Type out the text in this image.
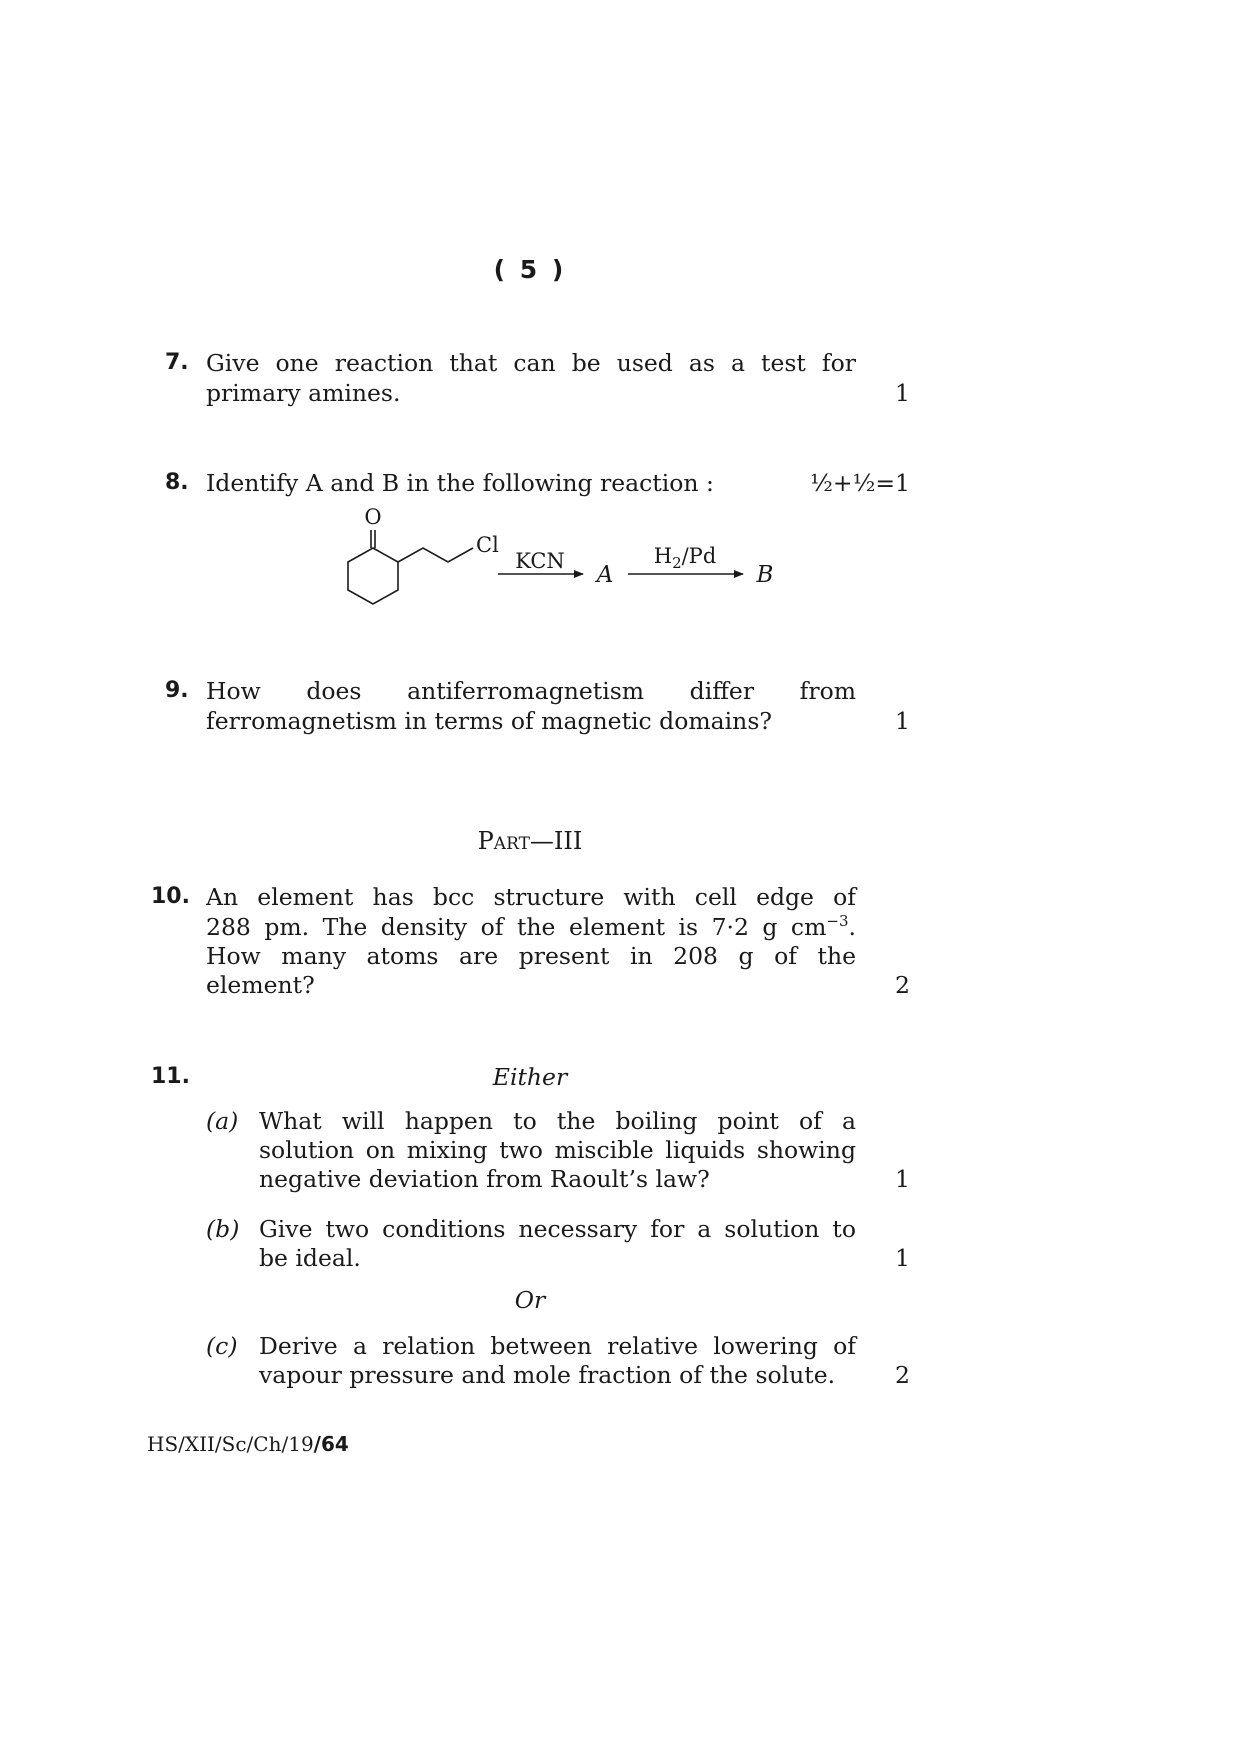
( 5 )
7. Give one reaction that can be used as a test for
primary amines.	1
8. Identify A and B in the following reaction :	½+½=1
O
Cl
KCN
A
$H_2/Pd$
B
9. How does antiferromagnetism differ from
ferromagnetism in terms of magnetic domains?	1
Part—III
10. An element has bcc structure with cell edge of
288 pm. The density of the element is 7·2 g $cm^{-3}$.
How many atoms are present in 208 g of the
element?	2
11.	Either
(a) What will happen to the boiling point of a
solution on mixing two miscible liquids showing
negative deviation from Raoult’s law?	1
(b) Give two conditions necessary for a solution to
be ideal.	1
Or
(c) Derive a relation between relative lowering of
vapour pressure and mole fraction of the solute.	2
HS/XII/Sc/Ch/19/64
